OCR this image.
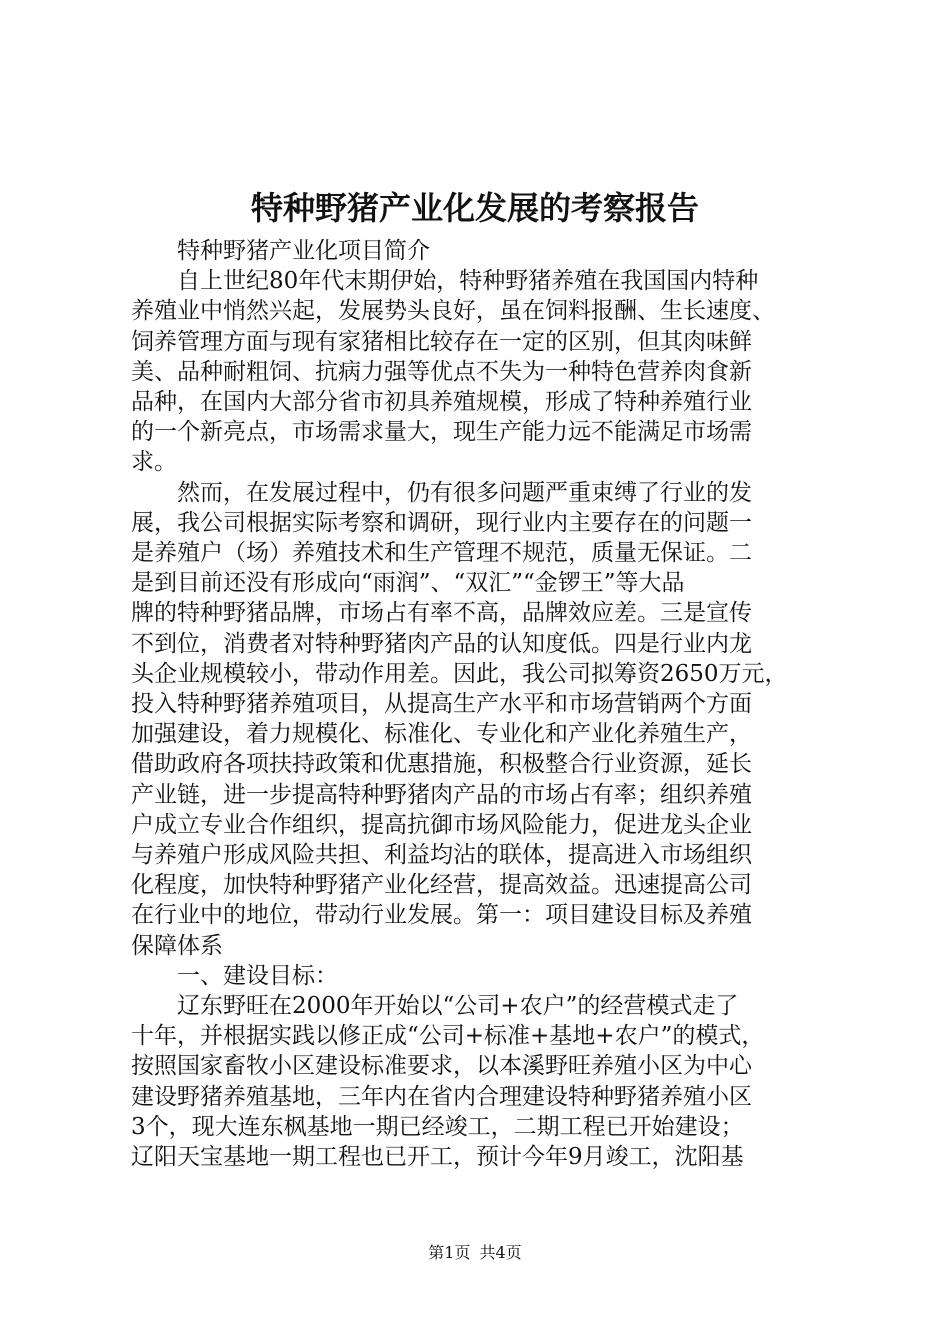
特种野猪产业化发展的考察报告

特种野猪产业化项目简介

自上世纪80年代末期伊始，特种野猪养殖在我国国内特种
养殖业中悄然兴起，发展势头良好，虽在饲料报酬、生长速度、
饲养管理方面与现有家猪相比较存在一定的区别，但其肉味鲜
美、品种耐粗饲、抗病力强等优点不失为一种特色营养肉食新
品种，在国内大部分省市初具养殖规模，形成了特种养殖行业
的一个新亮点，市场需求量大，现生产能力远不能满足市场需
求。

然而，在发展过程中，仍有很多问题严重束缚了行业的发
展，我公司根据实际考察和调研，现行业内主要存在的问题一
是养殖户（场）养殖技术和生产管理不规范，质量无保证。二
是到目前还没有形成向“雨润”、“双汇”“金锣王”等大品
牌的特种野猪品牌，市场占有率不高，品牌效应差。三是宣传
不到位，消费者对特种野猪肉产品的认知度低。四是行业内龙
头企业规模较小，带动作用差。因此，我公司拟筹资2650万元，
投入特种野猪养殖项目，从提高生产水平和市场营销两个方面
加强建设，着力规模化、标准化、专业化和产业化养殖生产，
借助政府各项扶持政策和优惠措施，积极整合行业资源，延长
产业链，进一步提高特种野猪肉产品的市场占有率；组织养殖
户成立专业合作组织，提高抗御市场风险能力，促进龙头企业
与养殖户形成风险共担、利益均沾的联体，提高进入市场组织
化程度，加快特种野猪产业化经营，提高效益。迅速提高公司
在行业中的地位，带动行业发展。第一：项目建设目标及养殖
保障体系

一、建设目标：

辽东野旺在2000年开始以“公司+农户”的经营模式走了
十年，并根据实践以修正成“公司+标准+基地+农户”的模式，
按照国家畜牧小区建设标准要求，以本溪野旺养殖小区为中心
建设野猪养殖基地，三年内在省内合理建设特种野猪养殖小区
3个，现大连东枫基地一期已经竣工，二期工程已开始建设；
辽阳天宝基地一期工程也已开工，预计今年9月竣工，沈阳基

第1页 共4页
